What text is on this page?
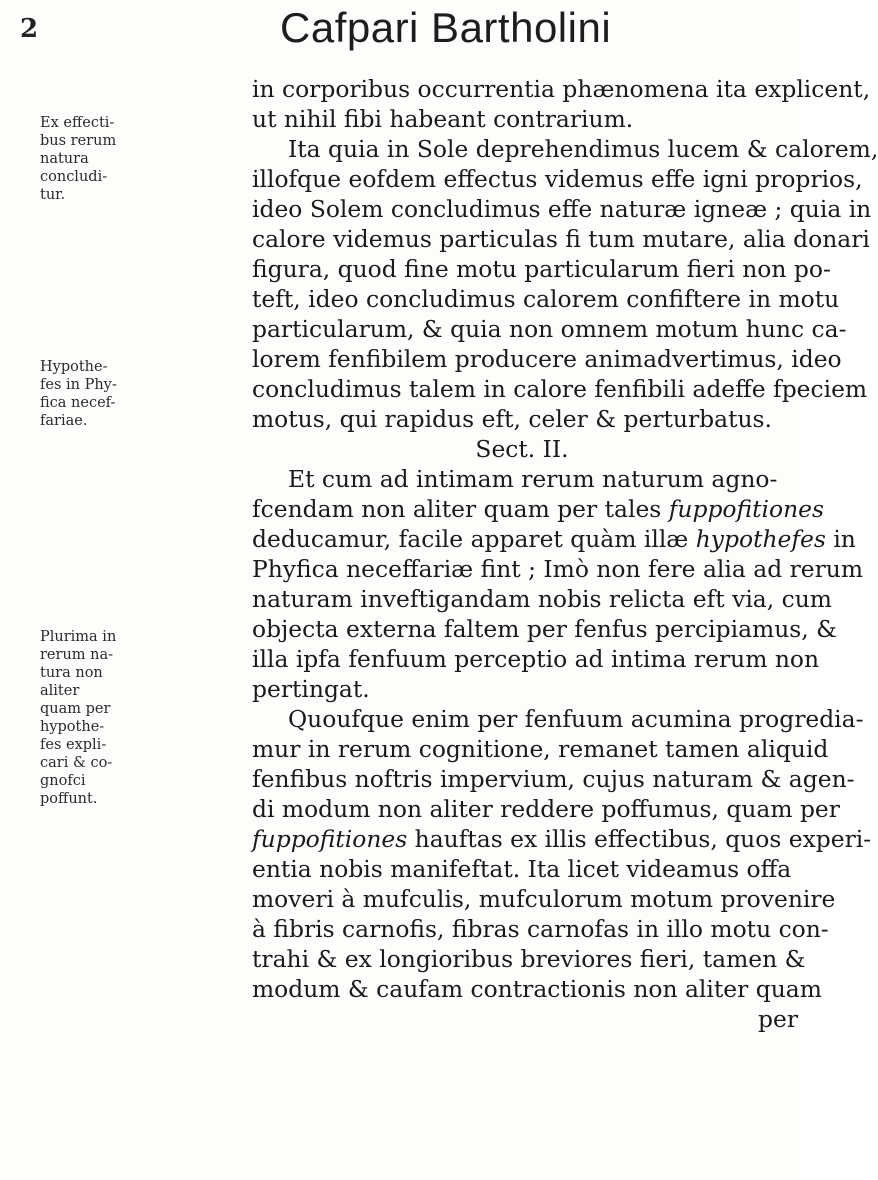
2	Cafpari Bartholini
Ex effecti-
bus rerum
natura
concludi-
tur.
Hypothe-
fes in Phy-
fica necef-
fariae.
Plurima in
rerum na-
tura non
aliter
quam per
hypothe-
fes expli-
cari & co-
gnofci
poffunt.
in corporibus occurrentia phænomena ita explicent,
ut nihil fibi habeant contrarium.
Ita quia in Sole deprehendimus lucem & calorem,
illofque eofdem effectus videmus effe igni proprios,
ideo Solem concludimus effe naturæ igneæ ; quia in
calore videmus particulas fi tum mutare, alia donari
figura, quod fine motu particularum fieri non po-
teft, ideo concludimus calorem confiftere in motu
particularum, & quia non omnem motum hunc ca-
lorem fenfibilem producere animadvertimus, ideo
concludimus talem in calore fenfibili adeffe fpeciem
motus, qui rapidus eft, celer & perturbatus.
Sect. II.
Et cum ad intimam rerum naturum agno-
fcendam non aliter quam per tales fuppofitiones
deducamur, facile apparet quàm illæ hypothefes in
Phyfica neceffariæ fint ; Imò non fere alia ad rerum
naturam inveftigandam nobis relicta eft via, cum
objecta externa faltem per fenfus percipiamus, &
illa ipfa fenfuum perceptio ad intima rerum non
pertingat.
Quoufque enim per fenfuum acumina progredia-
mur in rerum cognitione, remanet tamen aliquid
fenfibus noftris impervium, cujus naturam & agen-
di modum non aliter reddere poffumus, quam per
fuppofitiones hauftas ex illis effectibus, quos experi-
entia nobis manifeftat. Ita licet videamus offa
moveri à mufculis, mufculorum motum provenire
à fibris carnofis, fibras carnofas in illo motu con-
trahi & ex longioribus breviores fieri, tamen &
modum & caufam contractionis non aliter quam
per
